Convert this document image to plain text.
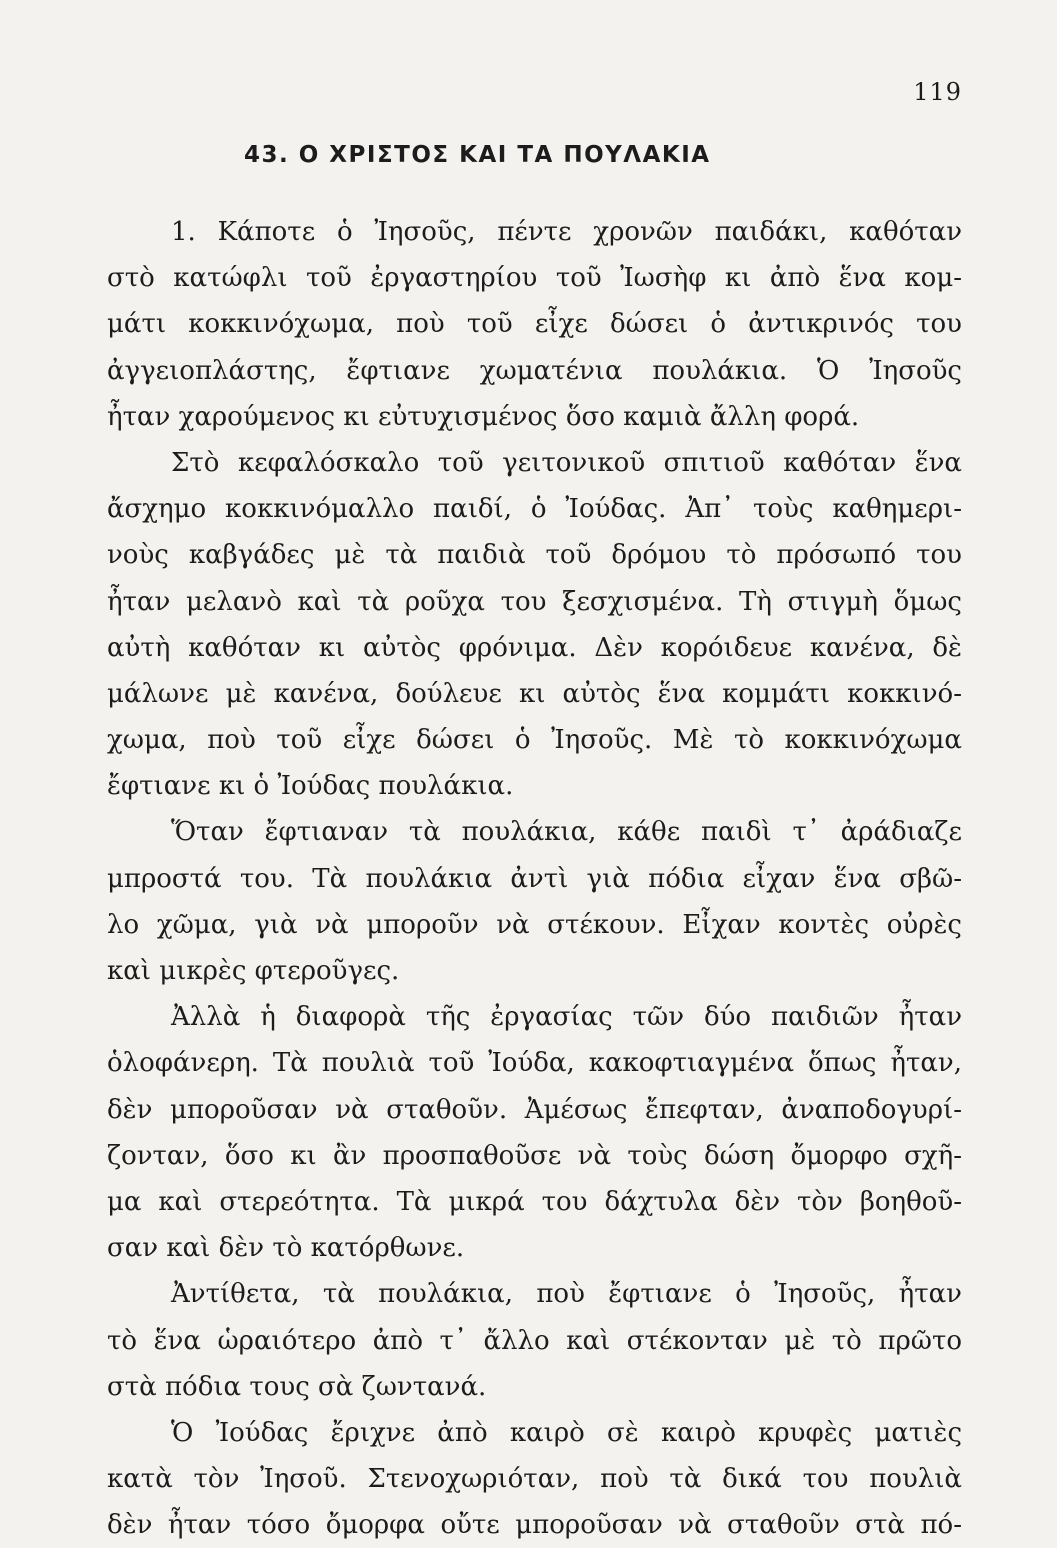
119
43. Ο ΧΡΙΣΤΟΣ ΚΑΙ ΤΑ ΠΟΥΛΑΚΙΑ
1. Κάποτε ὁ Ἰησοῦς, πέντε χρονῶν παιδάκι, καθόταν
στὸ κατώφλι τοῦ ἐργαστηρίου τοῦ Ἰωσὴφ κι ἀπὸ ἕνα κομ-
μάτι κοκκινόχωμα, ποὺ τοῦ εἶχε δώσει ὁ ἀντικρινός του
ἀγγειοπλάστης, ἔφτιανε χωματένια πουλάκια. Ὁ Ἰησοῦς
ἦταν χαρούμενος κι εὐτυχισμένος ὅσο καμιὰ ἄλλη φορά.
Στὸ κεφαλόσκαλο τοῦ γειτονικοῦ σπιτιοῦ καθόταν ἕνα
ἄσχημο κοκκινόμαλλο παιδί, ὁ Ἰούδας. Ἀπ᾽ τοὺς καθημερι-
νοὺς καβγάδες μὲ τὰ παιδιὰ τοῦ δρόμου τὸ πρόσωπό του
ἦταν μελανὸ καὶ τὰ ροῦχα του ξεσχισμένα. Τὴ στιγμὴ ὅμως
αὐτὴ καθόταν κι αὐτὸς φρόνιμα. Δὲν κορόιδευε κανένα, δὲ
μάλωνε μὲ κανένα, δούλευε κι αὐτὸς ἕνα κομμάτι κοκκινό-
χωμα, ποὺ τοῦ εἶχε δώσει ὁ Ἰησοῦς. Μὲ τὸ κοκκινόχωμα
ἔφτιανε κι ὁ Ἰούδας πουλάκια.
Ὅταν ἔφτιαναν τὰ πουλάκια, κάθε παιδὶ τ᾽ ἀράδιαζε
μπροστά του. Τὰ πουλάκια ἀντὶ γιὰ πόδια εἶχαν ἕνα σβῶ-
λο χῶμα, γιὰ νὰ μποροῦν νὰ στέκουν. Εἶχαν κοντὲς οὐρὲς
καὶ μικρὲς φτεροῦγες.
Ἀλλὰ ἡ διαφορὰ τῆς ἐργασίας τῶν δύο παιδιῶν ἦταν
ὁλοφάνερη. Τὰ πουλιὰ τοῦ Ἰούδα, κακοφτιαγμένα ὅπως ἦταν,
δὲν μποροῦσαν νὰ σταθοῦν. Ἀμέσως ἔπεφταν, ἀναποδογυρί-
ζονταν, ὅσο κι ἂν προσπαθοῦσε νὰ τοὺς δώση ὄμορφο σχῆ-
μα καὶ στερεότητα. Τὰ μικρά του δάχτυλα δὲν τὸν βοηθοῦ-
σαν καὶ δὲν τὸ κατόρθωνε.
Ἀντίθετα, τὰ πουλάκια, ποὺ ἔφτιανε ὁ Ἰησοῦς, ἦταν
τὸ ἕνα ὡραιότερο ἀπὸ τ᾽ ἄλλο καὶ στέκονταν μὲ τὸ πρῶτο
στὰ πόδια τους σὰ ζωντανά.
Ὁ Ἰούδας ἔριχνε ἀπὸ καιρὸ σὲ καιρὸ κρυφὲς ματιὲς
κατὰ τὸν Ἰησοῦ. Στενοχωριόταν, ποὺ τὰ δικά του πουλιὰ
δὲν ἦταν τόσο ὄμορφα οὔτε μποροῦσαν νὰ σταθοῦν στὰ πό-
